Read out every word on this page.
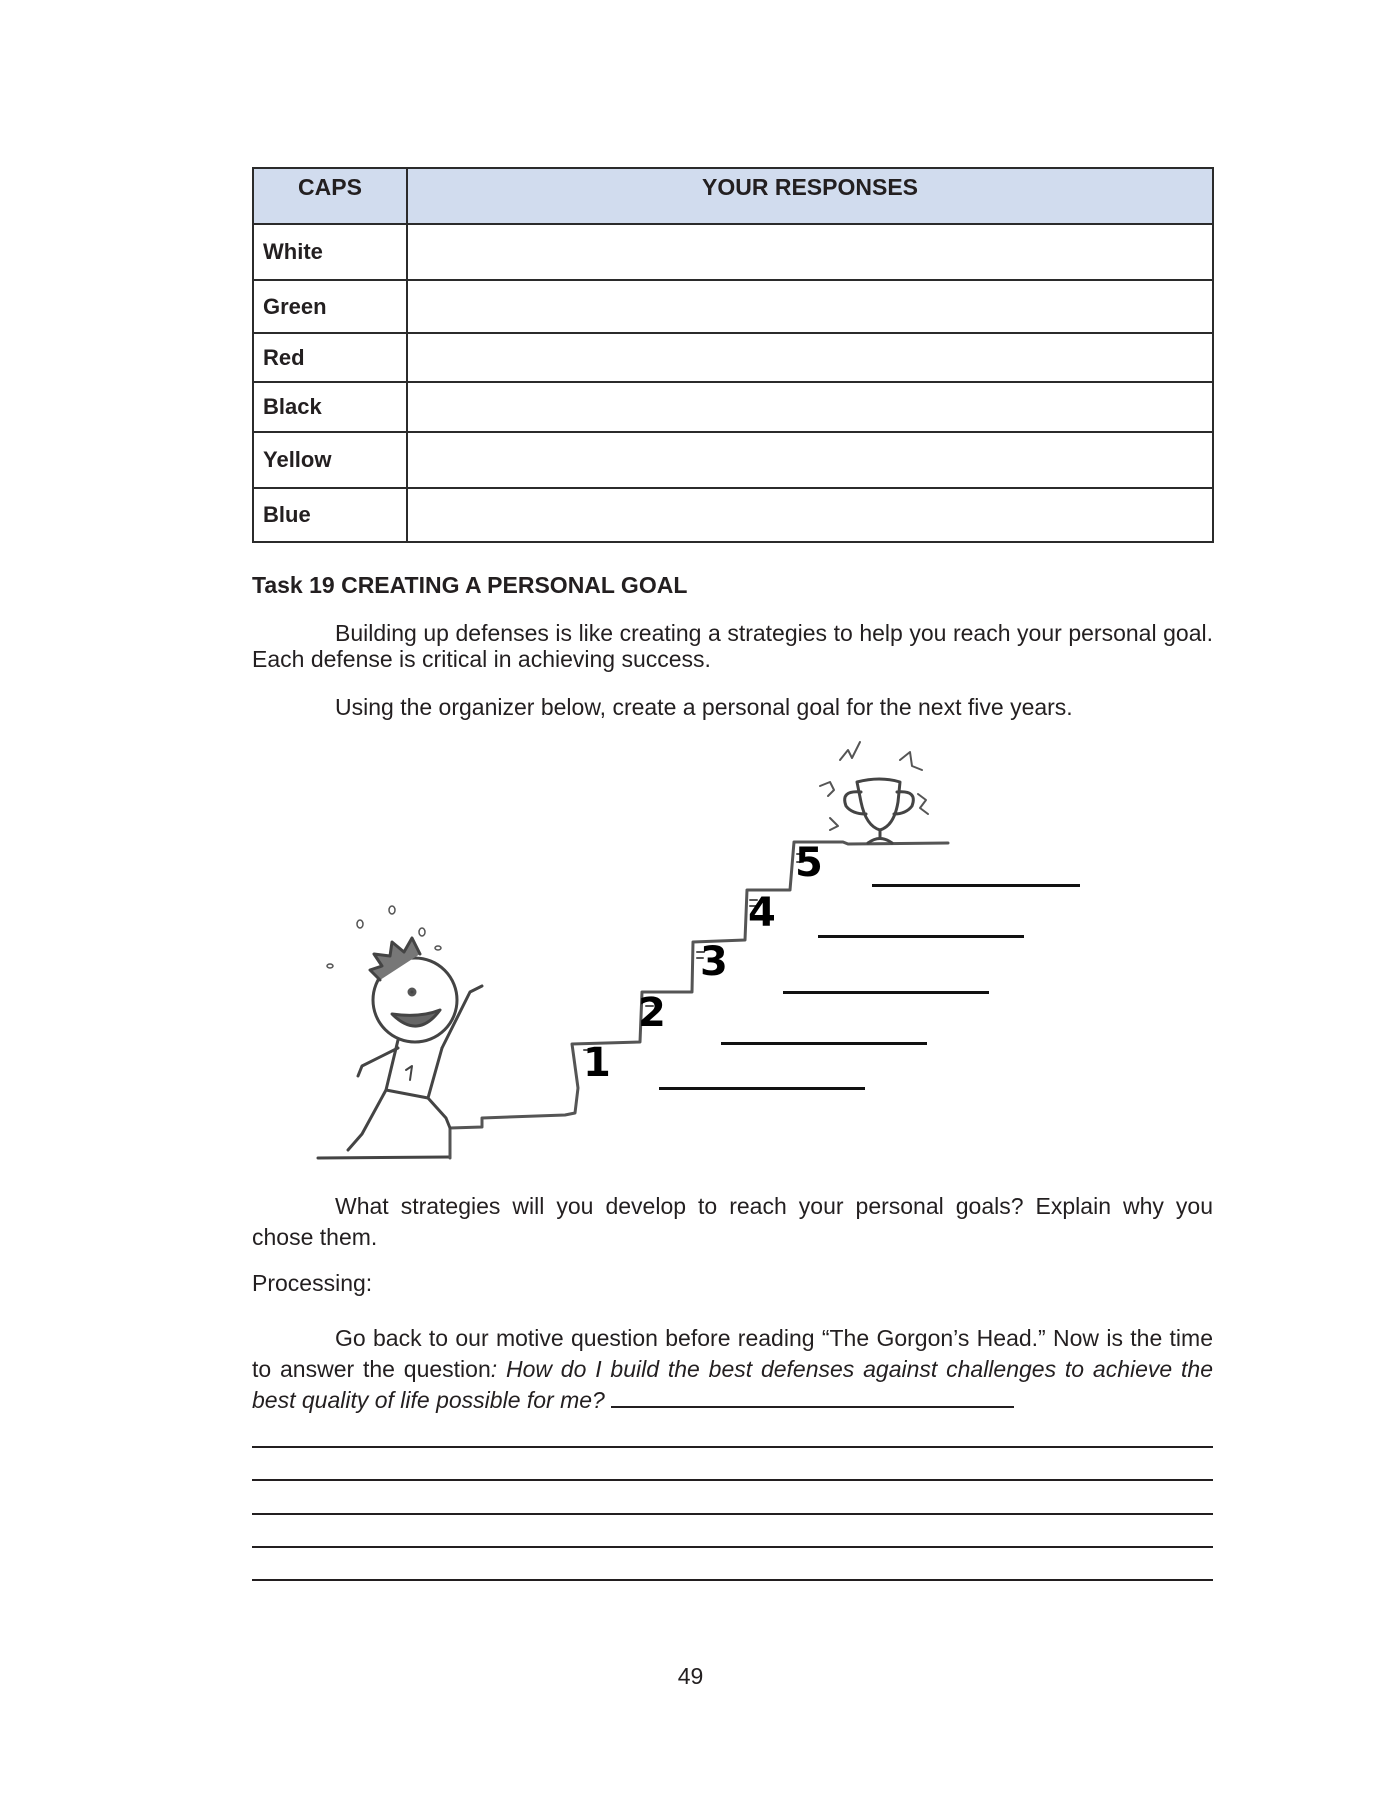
CAPS	YOUR RESPONSES
White	
Green	
Red	
Black	
Yellow	
Blue	
Task 19 CREATING A PERSONAL GOAL
Building up defenses is like creating a strategies to help you reach your personal goal. Each defense is critical in achieving success.
Using the organizer below, create a personal goal for the next five years.
1
2
3
4
5
What strategies will you develop to reach your personal goals? Explain why you chose them.
Processing:
Go back to our motive question before reading “The Gorgon’s Head.” Now is the time to answer the question: How do I build the best defenses against challenges to achieve the best quality of life possible for me?
49
